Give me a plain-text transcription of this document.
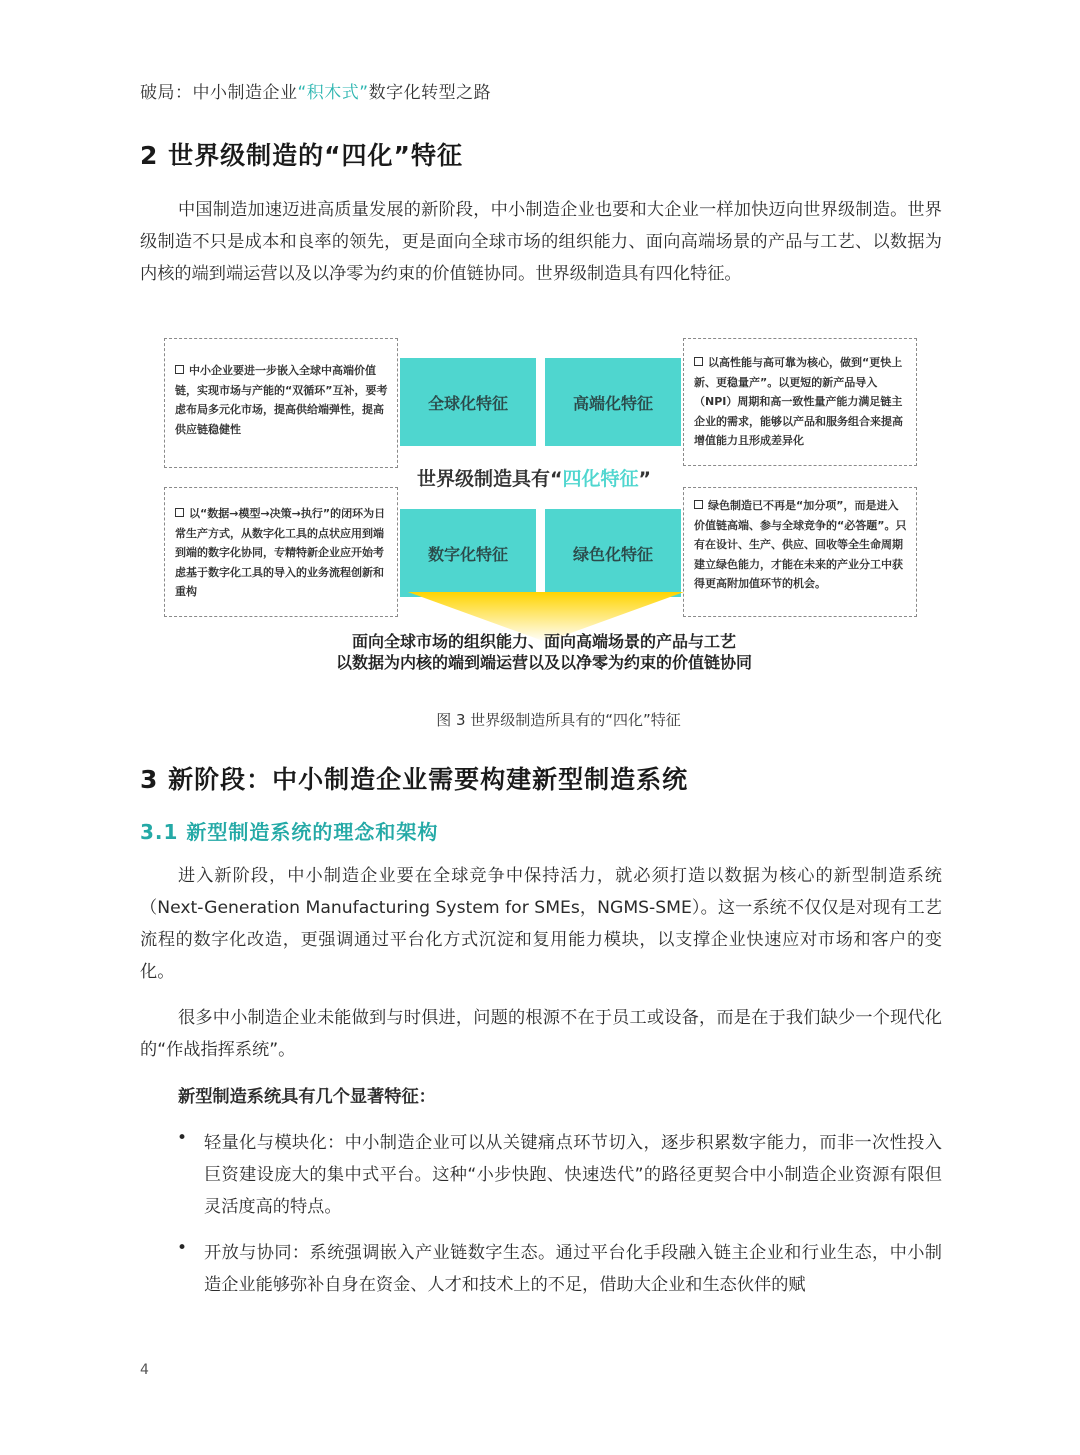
破局：中小制造企业“积木式”数字化转型之路
2 世界级制造的“四化”特征
中国制造加速迈进高质量发展的新阶段，中小制造企业也要和大企业一样加快迈向世界级制造。世界级制造不只是成本和良率的领先，更是面向全球市场的组织能力、面向高端场景的产品与工艺、以数据为内核的端到端运营以及以净零为约束的价值链协同。世界级制造具有四化特征。
中小企业要进一步嵌入全球中高端价值链，实现市场与产能的“双循环”互补，要考虑布局多元化市场，提高供给端弹性，提高供应链稳健性
以高性能与高可靠为核心，做到“更快上新、更稳量产”。以更短的新产品导入（NPI）周期和高一致性量产能力满足链主企业的需求，能够以产品和服务组合来提高增值能力且形成差异化
以“数据→模型→决策→执行”的闭环为日常生产方式，从数字化工具的点状应用到端到端的数字化协同，专精特新企业应开始考虑基于数字化工具的导入的业务流程创新和重构
绿色制造已不再是“加分项”，而是进入价值链高端、参与全球竞争的“必答题”。只有在设计、生产、供应、回收等全生命周期建立绿色能力，才能在未来的产业分工中获得更高附加值环节的机会。
全球化特征	高端化特征
数字化特征	绿色化特征
世界级制造具有“四化特征”
面向全球市场的组织能力、面向高端场景的产品与工艺
以数据为内核的端到端运营以及以净零为约束的价值链协同
图 3 世界级制造所具有的“四化”特征
3 新阶段：中小制造企业需要构建新型制造系统
3.1 新型制造系统的理念和架构
进入新阶段，中小制造企业要在全球竞争中保持活力，就必须打造以数据为核心的新型制造系统（Next-Generation Manufacturing System for SMEs，NGMS-SME）。这一系统不仅仅是对现有工艺流程的数字化改造，更强调通过平台化方式沉淀和复用能力模块，以支撑企业快速应对市场和客户的变化。
很多中小制造企业未能做到与时俱进，问题的根源不在于员工或设备，而是在于我们缺少一个现代化的“作战指挥系统”。
新型制造系统具有几个显著特征：
• 轻量化与模块化：中小制造企业可以从关键痛点环节切入，逐步积累数字能力，而非一次性投入巨资建设庞大的集中式平台。这种“小步快跑、快速迭代”的路径更契合中小制造企业资源有限但灵活度高的特点。
• 开放与协同：系统强调嵌入产业链数字生态。通过平台化手段融入链主企业和行业生态，中小制造企业能够弥补自身在资金、人才和技术上的不足，借助大企业和生态伙伴的赋
4
